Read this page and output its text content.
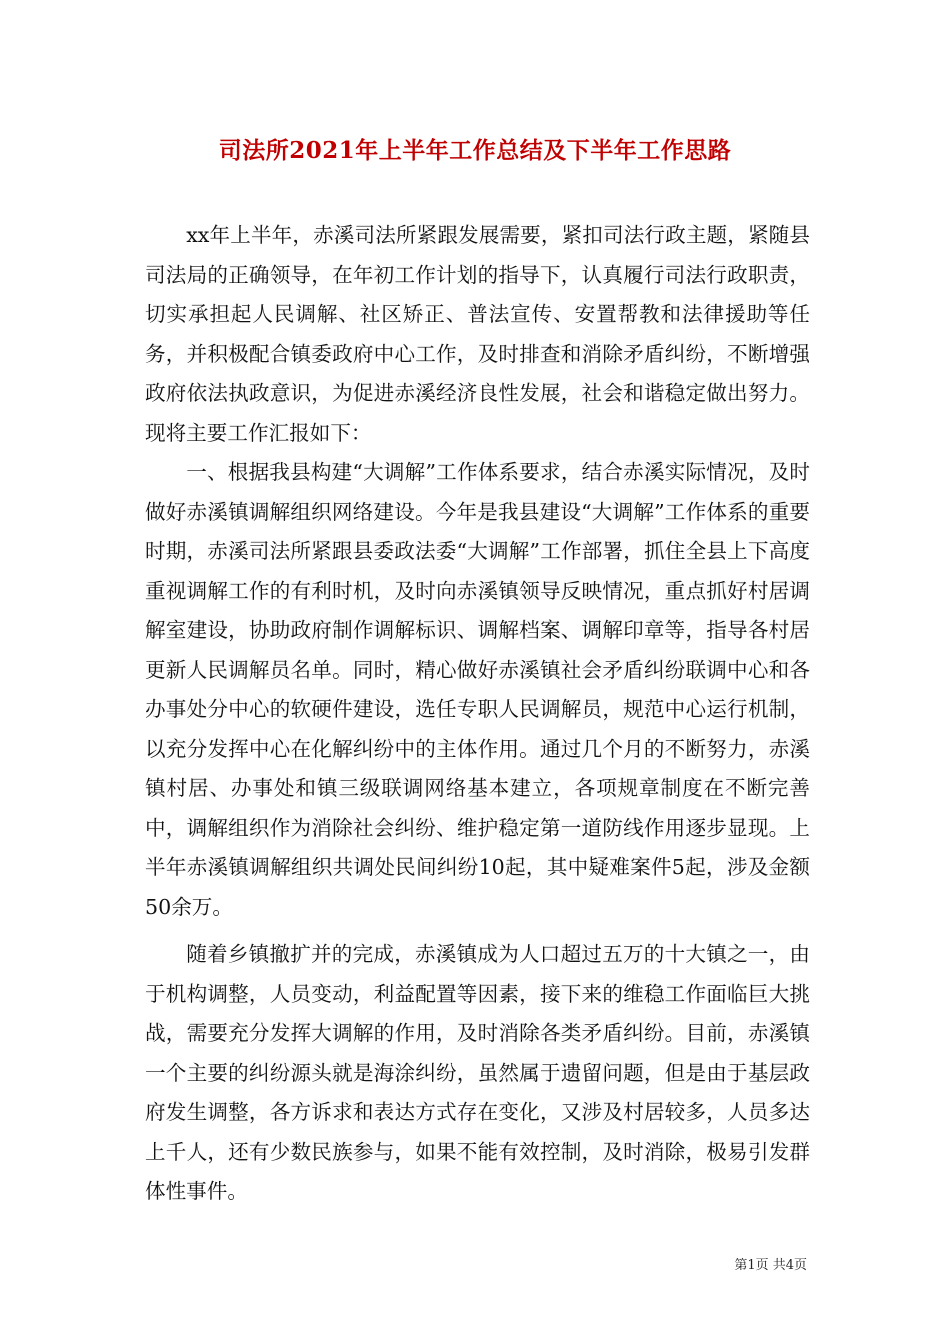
司法所2021年上半年工作总结及下半年工作思路

xx年上半年，赤溪司法所紧跟发展需要，紧扣司法行政主题，紧随县司法局的正确领导，在年初工作计划的指导下，认真履行司法行政职责，切实承担起人民调解、社区矫正、普法宣传、安置帮教和法律援助等任务，并积极配合镇委政府中心工作，及时排查和消除矛盾纠纷，不断增强政府依法执政意识，为促进赤溪经济良性发展，社会和谐稳定做出努力。现将主要工作汇报如下：

一、根据我县构建“大调解”工作体系要求，结合赤溪实际情况，及时做好赤溪镇调解组织网络建设。今年是我县建设“大调解”工作体系的重要时期，赤溪司法所紧跟县委政法委“大调解”工作部署，抓住全县上下高度重视调解工作的有利时机，及时向赤溪镇领导反映情况，重点抓好村居调解室建设，协助政府制作调解标识、调解档案、调解印章等，指导各村居更新人民调解员名单。同时，精心做好赤溪镇社会矛盾纠纷联调中心和各办事处分中心的软硬件建设，选任专职人民调解员，规范中心运行机制，以充分发挥中心在化解纠纷中的主体作用。通过几个月的不断努力，赤溪镇村居、办事处和镇三级联调网络基本建立，各项规章制度在不断完善中，调解组织作为消除社会纠纷、维护稳定第一道防线作用逐步显现。上半年赤溪镇调解组织共调处民间纠纷10起，其中疑难案件5起，涉及金额50余万。

随着乡镇撤扩并的完成，赤溪镇成为人口超过五万的十大镇之一，由于机构调整，人员变动，利益配置等因素，接下来的维稳工作面临巨大挑战，需要充分发挥大调解的作用，及时消除各类矛盾纠纷。目前，赤溪镇一个主要的纠纷源头就是海涂纠纷，虽然属于遗留问题，但是由于基层政府发生调整，各方诉求和表达方式存在变化，又涉及村居较多，人员多达上千人，还有少数民族参与，如果不能有效控制，及时消除，极易引发群体性事件。

第1页 共4页
